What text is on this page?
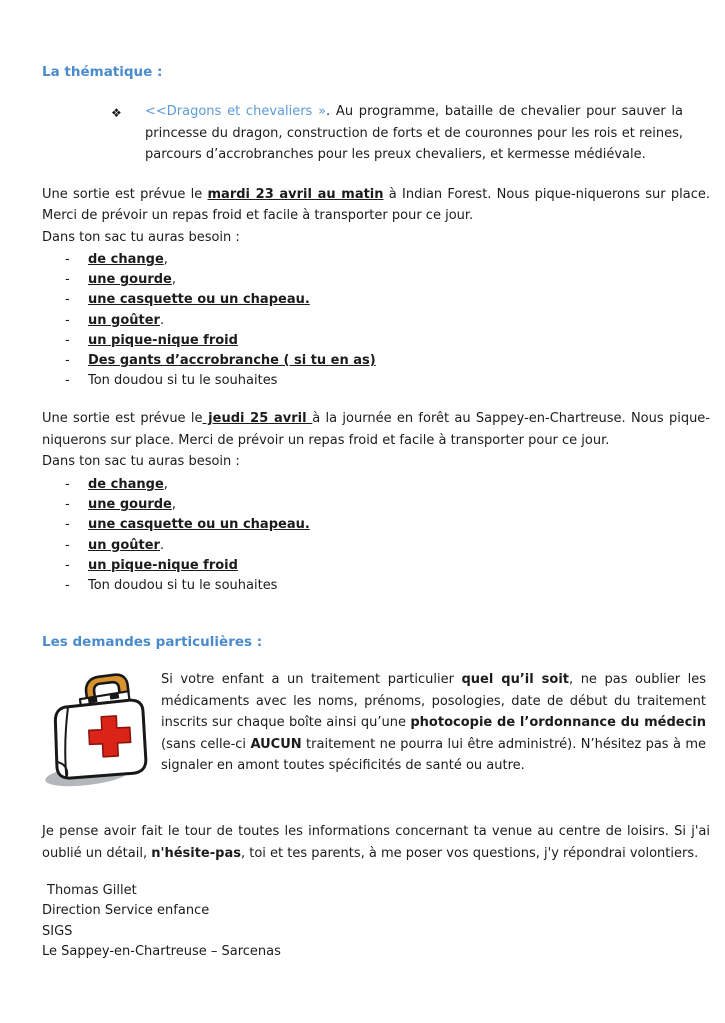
La thématique :
❖ <<Dragons et chevaliers ». Au programme, bataille de chevalier pour sauver la princesse du dragon, construction de forts et de couronnes pour les rois et reines, parcours d’accrobranches pour les preux chevaliers, et kermesse médiévale.

Une sortie est prévue le mardi 23 avril au matin à Indian Forest. Nous pique-niquerons sur place. Merci de prévoir un repas froid et facile à transporter pour ce jour.

Dans ton sac tu auras besoin :

- de change,
- une gourde,
- une casquette ou un chapeau.
- un goûter.
- un pique-nique froid
- Des gants d’accrobranche ( si tu en as)
- Ton doudou si tu le souhaites

Une sortie est prévue le jeudi 25 avril à la journée en forêt au Sappey-en-Chartreuse. Nous pique-niquerons sur place. Merci de prévoir un repas froid et facile à transporter pour ce jour.

Dans ton sac tu auras besoin :

- de change,
- une gourde,
- une casquette ou un chapeau.
- un goûter.
- un pique-nique froid
- Ton doudou si tu le souhaites
Les demandes particulières :

Si votre enfant a un traitement particulier quel qu’il soit, ne pas oublier les médicaments avec les noms, prénoms, posologies, date de début du traitement inscrits sur chaque boîte ainsi qu’une photocopie de l’ordonnance du médecin (sans celle-ci AUCUN traitement ne pourra lui être administré). N’hésitez pas à me signaler en amont toutes spécificités de santé ou autre.

Je pense avoir fait le tour de toutes les informations concernant ta venue au centre de loisirs. Si j'ai oublié un détail, n'hésite-pas, toi et tes parents, à me poser vos questions, j'y répondrai volontiers.

Thomas Gillet

Direction Service enfance

SIGS

Le Sappey-en-Chartreuse – Sarcenas
